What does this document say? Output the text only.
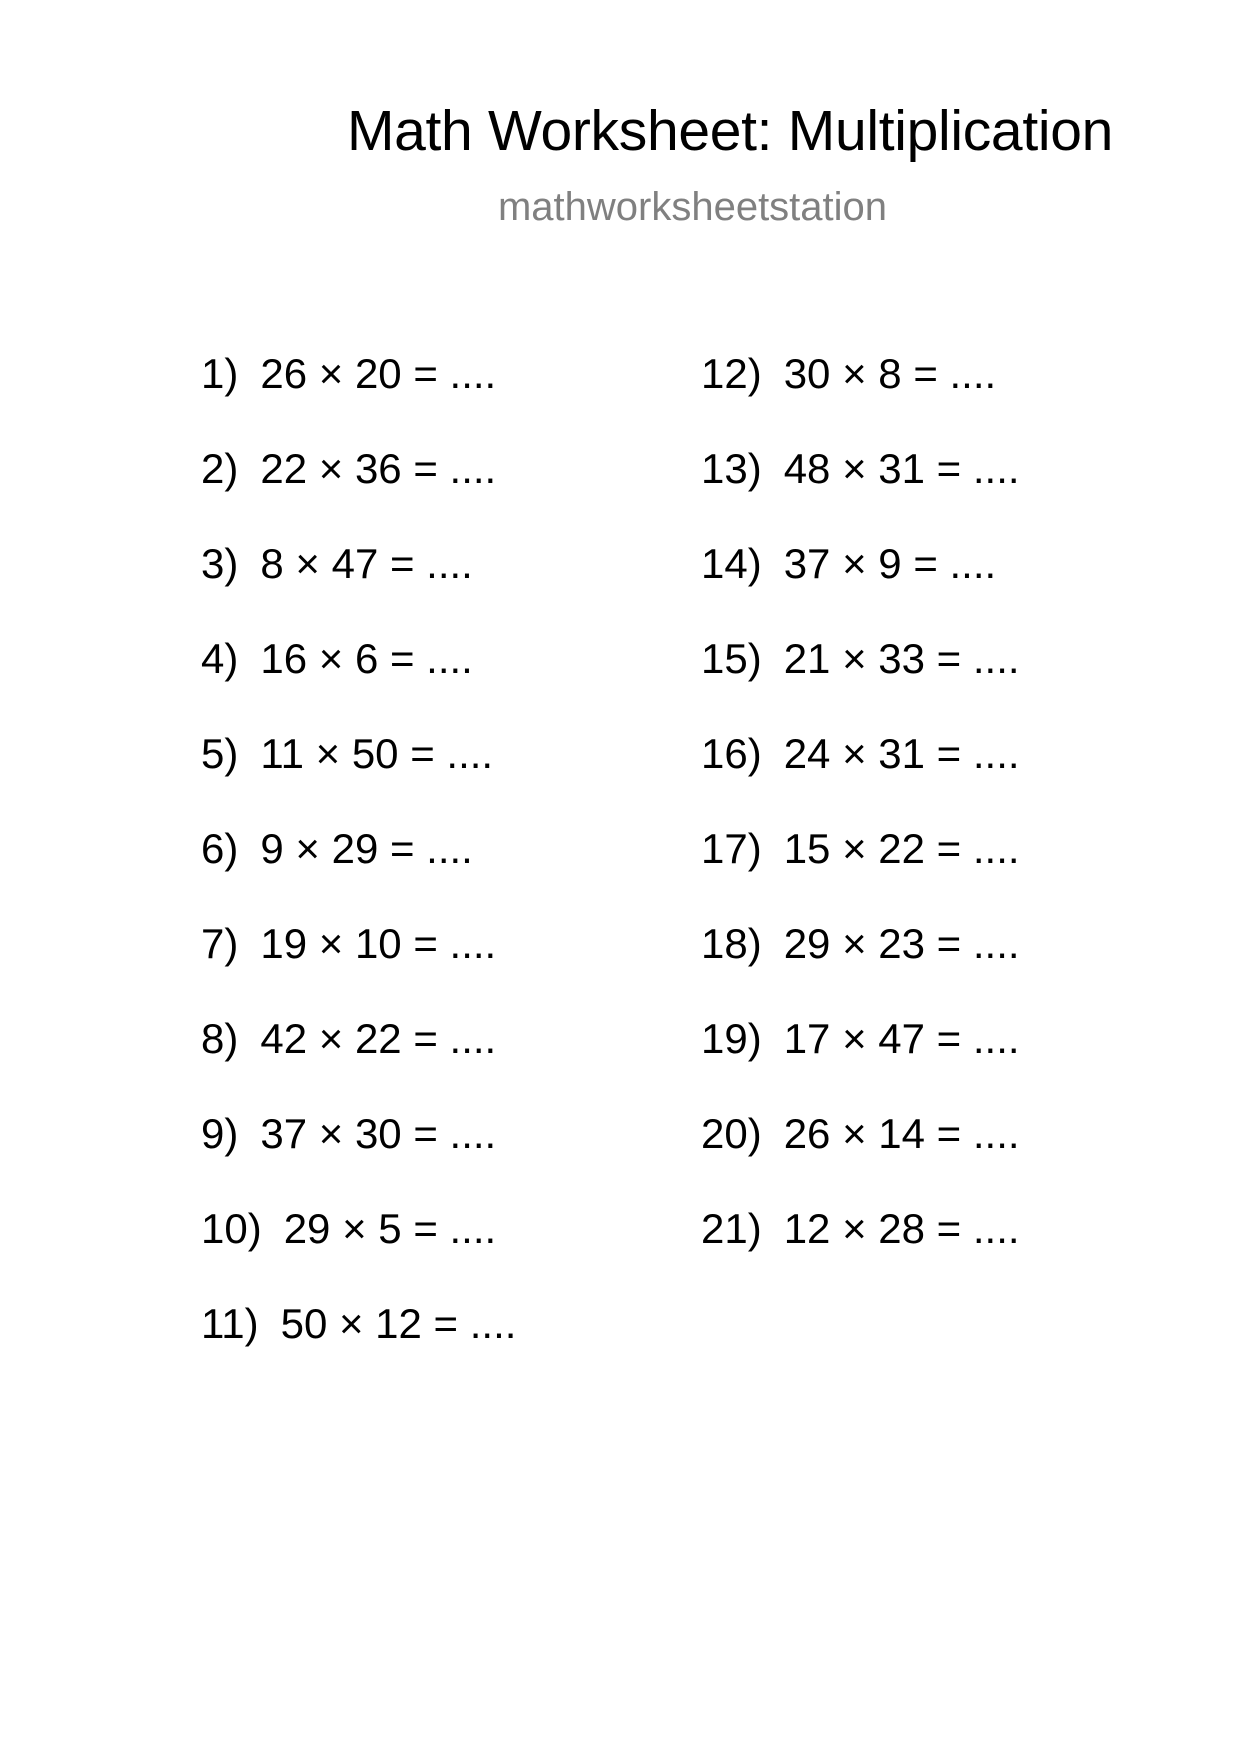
Math Worksheet: Multiplication
mathworksheetstation
1) 26 × 20 = ....
2) 22 × 36 = ....
3) 8 × 47 = ....
4) 16 × 6 = ....
5) 11 × 50 = ....
6) 9 × 29 = ....
7) 19 × 10 = ....
8) 42 × 22 = ....
9) 37 × 30 = ....
10) 29 × 5 = ....
11) 50 × 12 = ....
12) 30 × 8 = ....
13) 48 × 31 = ....
14) 37 × 9 = ....
15) 21 × 33 = ....
16) 24 × 31 = ....
17) 15 × 22 = ....
18) 29 × 23 = ....
19) 17 × 47 = ....
20) 26 × 14 = ....
21) 12 × 28 = ....
